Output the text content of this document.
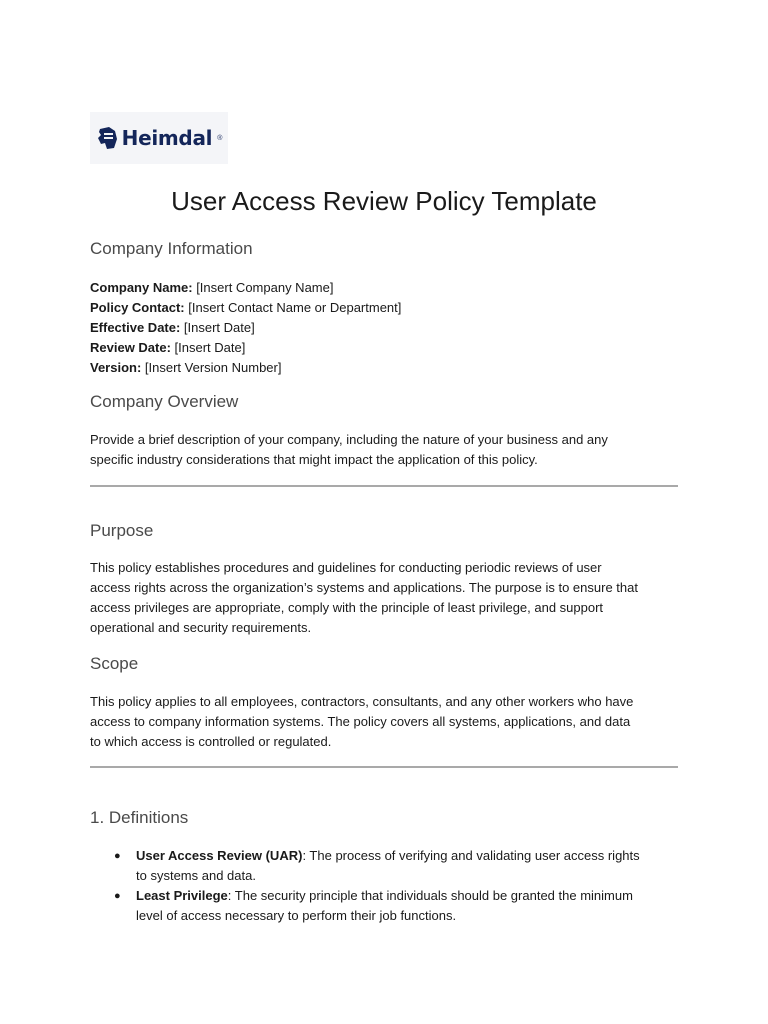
Heimdal ®
User Access Review Policy Template
Company Information
Company Name: [Insert Company Name]
Policy Contact: [Insert Contact Name or Department]
Effective Date: [Insert Date]
Review Date: [Insert Date]
Version: [Insert Version Number]
Company Overview
Provide a brief description of your company, including the nature of your business and any
specific industry considerations that might impact the application of this policy.
Purpose
This policy establishes procedures and guidelines for conducting periodic reviews of user
access rights across the organization’s systems and applications. The purpose is to ensure that
access privileges are appropriate, comply with the principle of least privilege, and support
operational and security requirements.
Scope
This policy applies to all employees, contractors, consultants, and any other workers who have
access to company information systems. The policy covers all systems, applications, and data
to which access is controlled or regulated.
1. Definitions
● User Access Review (UAR): The process of verifying and validating user access rights
to systems and data.
● Least Privilege: The security principle that individuals should be granted the minimum
level of access necessary to perform their job functions.
